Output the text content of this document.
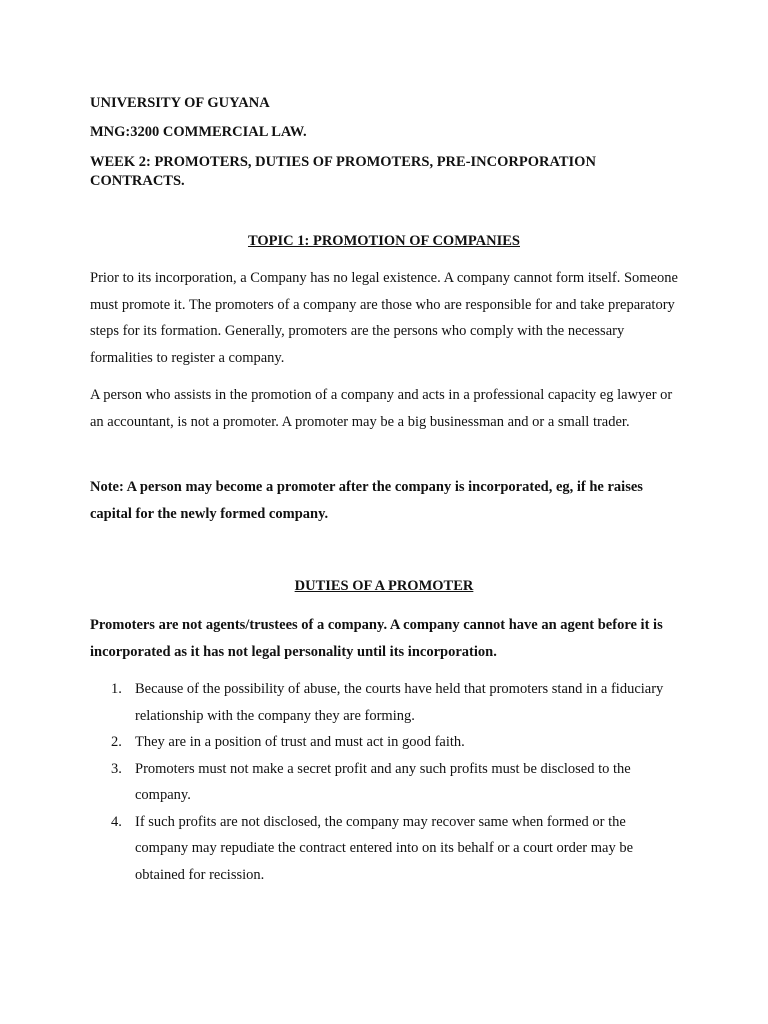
UNIVERSITY OF GUYANA

MNG:3200 COMMERCIAL LAW.

WEEK 2: PROMOTERS, DUTIES OF PROMOTERS, PRE-INCORPORATION CONTRACTS.

TOPIC 1: PROMOTION OF COMPANIES

Prior to its incorporation, a Company has no legal existence. A company cannot form itself. Someone must promote it. The promoters of a company are those who are responsible for and take preparatory steps for its formation. Generally, promoters are the persons who comply with the necessary formalities to register a company.

A person who assists in the promotion of a company and acts in a professional capacity eg lawyer or an accountant, is not a promoter. A promoter may be a big businessman and or a small trader.

Note: A person may become a promoter after the company is incorporated, eg, if he raises capital for the newly formed company.

DUTIES OF A PROMOTER

Promoters are not agents/trustees of a company. A company cannot have an agent before it is incorporated as it has not legal personality until its incorporation.

1. Because of the possibility of abuse, the courts have held that promoters stand in a fiduciary relationship with the company they are forming.
2. They are in a position of trust and must act in good faith.
3. Promoters must not make a secret profit and any such profits must be disclosed to the company.
4. If such profits are not disclosed, the company may recover same when formed or the company may repudiate the contract entered into on its behalf or a court order may be obtained for recission.
